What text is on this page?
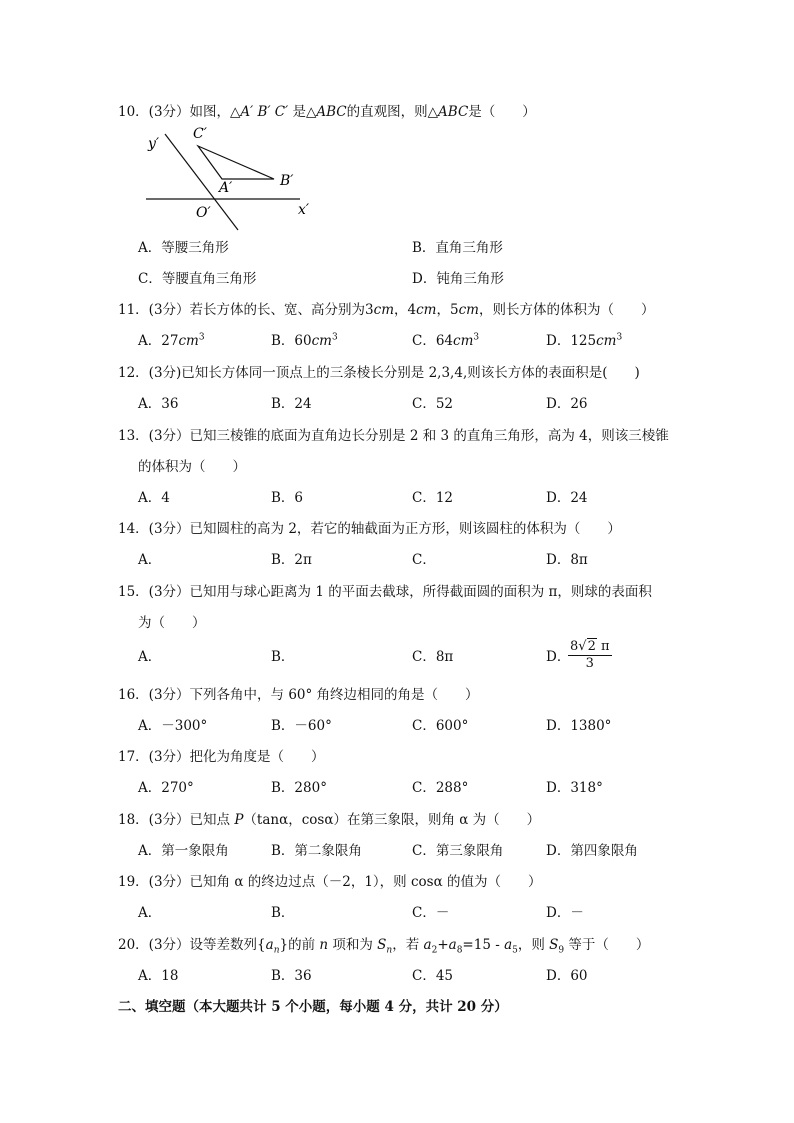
10．(3分）如图，△A′ B′ C′ 是△ABC的直观图，则△ABC是（　　）
C′
y′
A′	B′
O′	x′
A．等腰三角形	B．直角三角形
C．等腰直角三角形	D．钝角三角形
11．(3分）若长方体的长、宽、高分别为3cm，4cm，5cm，则长方体的体积为（　　）
A．$27cm^3$	B．$60cm^3$	C．$64cm^3$	D．$125cm^3$
12．(3分)已知长方体同一顶点上的三条棱长分别是 2,3,4,则该长方体的表面积是(　　)
A．36	B．24	C．52	D．26
13．(3分）已知三棱锥的底面为直角边长分别是 2 和 3 的直角三角形，高为 4，则该三棱锥
的体积为（　　）
A．4	B．6	C．12	D．24
14．(3分）已知圆柱的高为 2，若它的轴截面为正方形，则该圆柱的体积为（　　）
A．	B．2π	C．	D．8π
15．(3分）已知用与球心距离为 1 的平面去截球，所得截面圆的面积为 π，则球的表面积
为（　　）
A．	B．	C．8π	D．
$\frac{8√2 \pi}{3}$
16．(3分）下列各角中，与 60° 角终边相同的角是（　　）
A．－300°	B．－60°	C．600°	D．1380°
17．(3分）把化为角度是（　　）
A．270°	B．280°	C．288°	D．318°
18．(3分）已知点 P（tanα，cosα）在第三象限，则角 α 为（　　）
A．第一象限角	B．第二象限角	C．第三象限角	D．第四象限角
19．(3分）已知角 α 的终边过点（－2，1），则 cosα 的值为（　　）
A．	B．	C．－	D．－
20．(3分）设等差数列$\{a_n\}$的前 n 项和为 $S_n$，若 $a_2+a_8=15 - a_5$，则 $S_9$ 等于（　　）
A．18	B．36	C．45	D．60
二、填空题（本大题共计 5 个小题，每小题 4 分，共计 20 分）
